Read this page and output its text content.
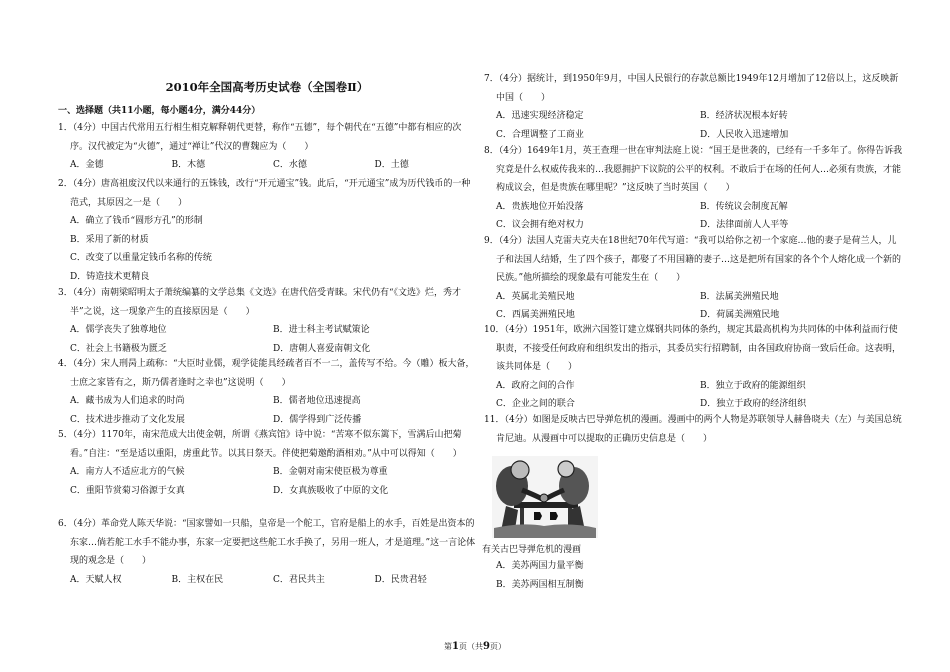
2010年全国高考历史试卷（全国卷Ⅱ）

一、选择题（共11小题，每小题4分，满分44分）

1．（4分）中国古代常用五行相生相克解释朝代更替，称作“五德”，每个朝代在“五德”中都有相应的次序。汉代被定为“火德”，通过“禅让”代汉的曹魏应为（　　）

A．金德	B．木德	C．水德	D．土德

2．（4分）唐高祖废汉代以来通行的五铢钱，改行“开元通宝”钱。此后，“开元通宝”成为历代钱币的一种范式，其原因之一是（　　）

A．确立了钱币“圆形方孔”的形制
B．采用了新的材质
C．改变了以重量定钱币名称的传统
D．铸造技术更精良

3．（4分）南朝梁昭明太子萧统编纂的文学总集《文选》在唐代倍受青睐。宋代仍有“《文选》烂，秀才半”之说，这一现象产生的直接原因是（　　）

A．儒学丧失了独尊地位	B．进士科主考试赋策论
C．社会上书籍极为匮乏	D．唐朝人喜爱南朝文化

4．（4分）宋人刑昺上疏称：“大臣时业儒，观学徒能具经疏者百不一二，盖传写不给。今（雕）板大备，士庶之家皆有之，斯乃儒者逢时之幸也”这说明（　　）

A．藏书成为人们追求的时尚	B．儒者地位迅速提高
C．技术进步推动了文化发展	D．儒学得到广泛传播

5．（4分）1170年，南宋范成大出使金朝，所谓《燕宾馆》诗中说：“苦寒不似东篱下，雪满后山把菊看。”自注：“至是适以重阳，虏重此节。以其日祭天。伴使把菊邀酌酒相劝。”从中可以得知（　　）

A．南方人不适应北方的气候	B．金朝对南宋使臣极为尊重
C．重阳节赏菊习俗源于女真	D．女真族吸收了中原的文化

6．（4分）革命党人陈天华说：“国家譬如一只船，皇帝是一个舵工，官府是船上的水手，百姓是出资本的东家…倘若舵工水手不能办事，东家一定要把这些舵工水手换了，另用一班人，才是道理。”这一言论体现的观念是（　　）

A．天赋人权	B．主权在民	C．君民共主	D．民贵君轻

7．（4分）据统计，到1950年9月，中国人民银行的存款总额比1949年12月增加了12倍以上，这反映新中国（　　）

A．迅速实现经济稳定	B．经济状况根本好转
C．合理调整了工商业	D．人民收入迅速增加

8．（4分）1649年1月，英王查理一世在审判法庭上说：“国王是世袭的，已经有一千多年了。你得告诉我究竟是什么权威传我来的…我愿拥护下议院的公平的权利。不敢后于在场的任何人…必须有贵族，才能构成议会，但是贵族在哪里呢？”这反映了当时英国（　　）

A．贵族地位开始没落	B．传统议会制度瓦解
C．议会拥有绝对权力	D．法律面前人人平等

9．（4分）法国人克雷夫克夫在18世纪70年代写道：“我可以给你之初一个家庭…他的妻子是荷兰人，儿子和法国人结婚，生了四个孩子，都娶了不用国籍的妻子…这是把所有国家的各个个人熔化成一个新的民族。”他所描绘的现象最有可能发生在（　　）

A．英属北美殖民地	B．法属美洲殖民地
C．西属美洲殖民地	D．荷属美洲殖民地

10．（4分）1951年，欧洲六国签订建立煤钢共同体的条约，规定其最高机构为共同体的中体利益而行使职责，不接受任何政府和组织发出的指示，其委员实行招聘制，由各国政府协商一致后任命。这表明，该共同体是（　　）

A．政府之间的合作	B．独立于政府的能源组织
C．企业之间的联合	D．独立于政府的经济组织

11．（4分）如图是反映古巴导弹危机的漫画。漫画中的两个人物是苏联领导人赫鲁晓夫（左）与美国总统肯尼迪。从漫画中可以提取的正确历史信息是（　　）

有关古巴导弹危机的漫画

A．美苏两国力量平衡
B．美苏两国相互制衡

第1页（共9页）
